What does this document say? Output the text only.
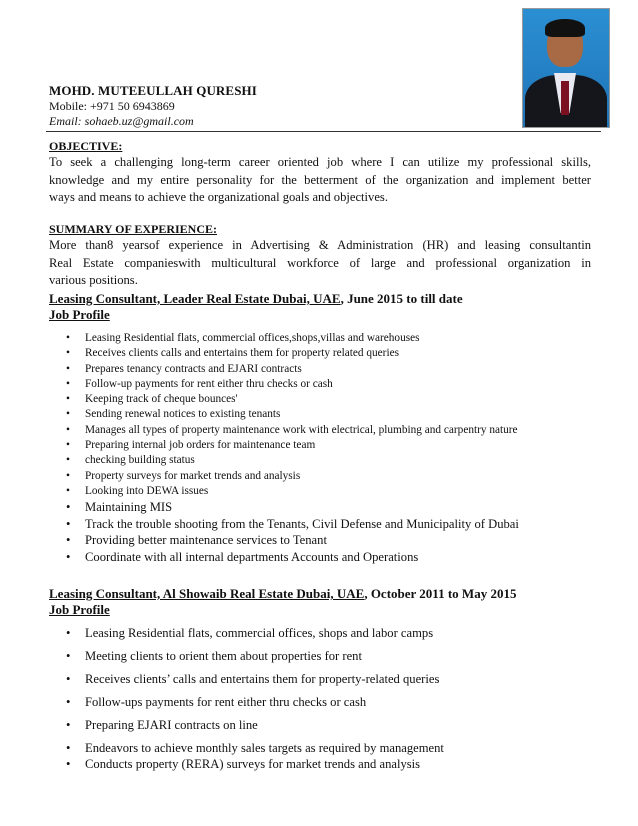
MOHD. MUTEEULLAH QURESHI
Mobile: +971 50 6943869
Email: sohaeb.uz@gmail.com
OBJECTIVE:
To seek a challenging long-term career oriented job where I can utilize my professional skills,
knowledge and my entire personality for the betterment of the organization and implement better
ways and means to achieve the organizational goals and objectives.
SUMMARY OF EXPERIENCE:
More than8 yearsof experience in Advertising & Administration (HR) and leasing consultantin
Real Estate companieswith multicultural workforce of large and professional organization in
various positions.
Leasing Consultant, Leader Real Estate Dubai, UAE, June 2015 to till date
Job Profile
• Leasing Residential flats, commercial offices,shops,villas and warehouses
• Receives clients calls and entertains them for property related queries
• Prepares tenancy contracts and EJARI contracts
• Follow-up payments for rent either thru checks or cash
• Keeping track of cheque bounces'
• Sending renewal notices to existing tenants
• Manages all types of property maintenance work with electrical, plumbing and carpentry nature
• Preparing internal job orders for maintenance team
• checking building status
• Property surveys for market trends and analysis
• Looking into DEWA issues
• Maintaining MIS
• Track the trouble shooting from the Tenants, Civil Defense and Municipality of Dubai
• Providing better maintenance services to Tenant
• Coordinate with all internal departments Accounts and Operations
Leasing Consultant, Al Showaib Real Estate Dubai, UAE, October 2011 to May 2015
Job Profile
• Leasing Residential flats, commercial offices, shops and labor camps
• Meeting clients to orient them about properties for rent
• Receives clients’ calls and entertains them for property-related queries
• Follow-ups payments for rent either thru checks or cash
• Preparing EJARI contracts on line
• Endeavors to achieve monthly sales targets as required by management
• Conducts property (RERA) surveys for market trends and analysis
